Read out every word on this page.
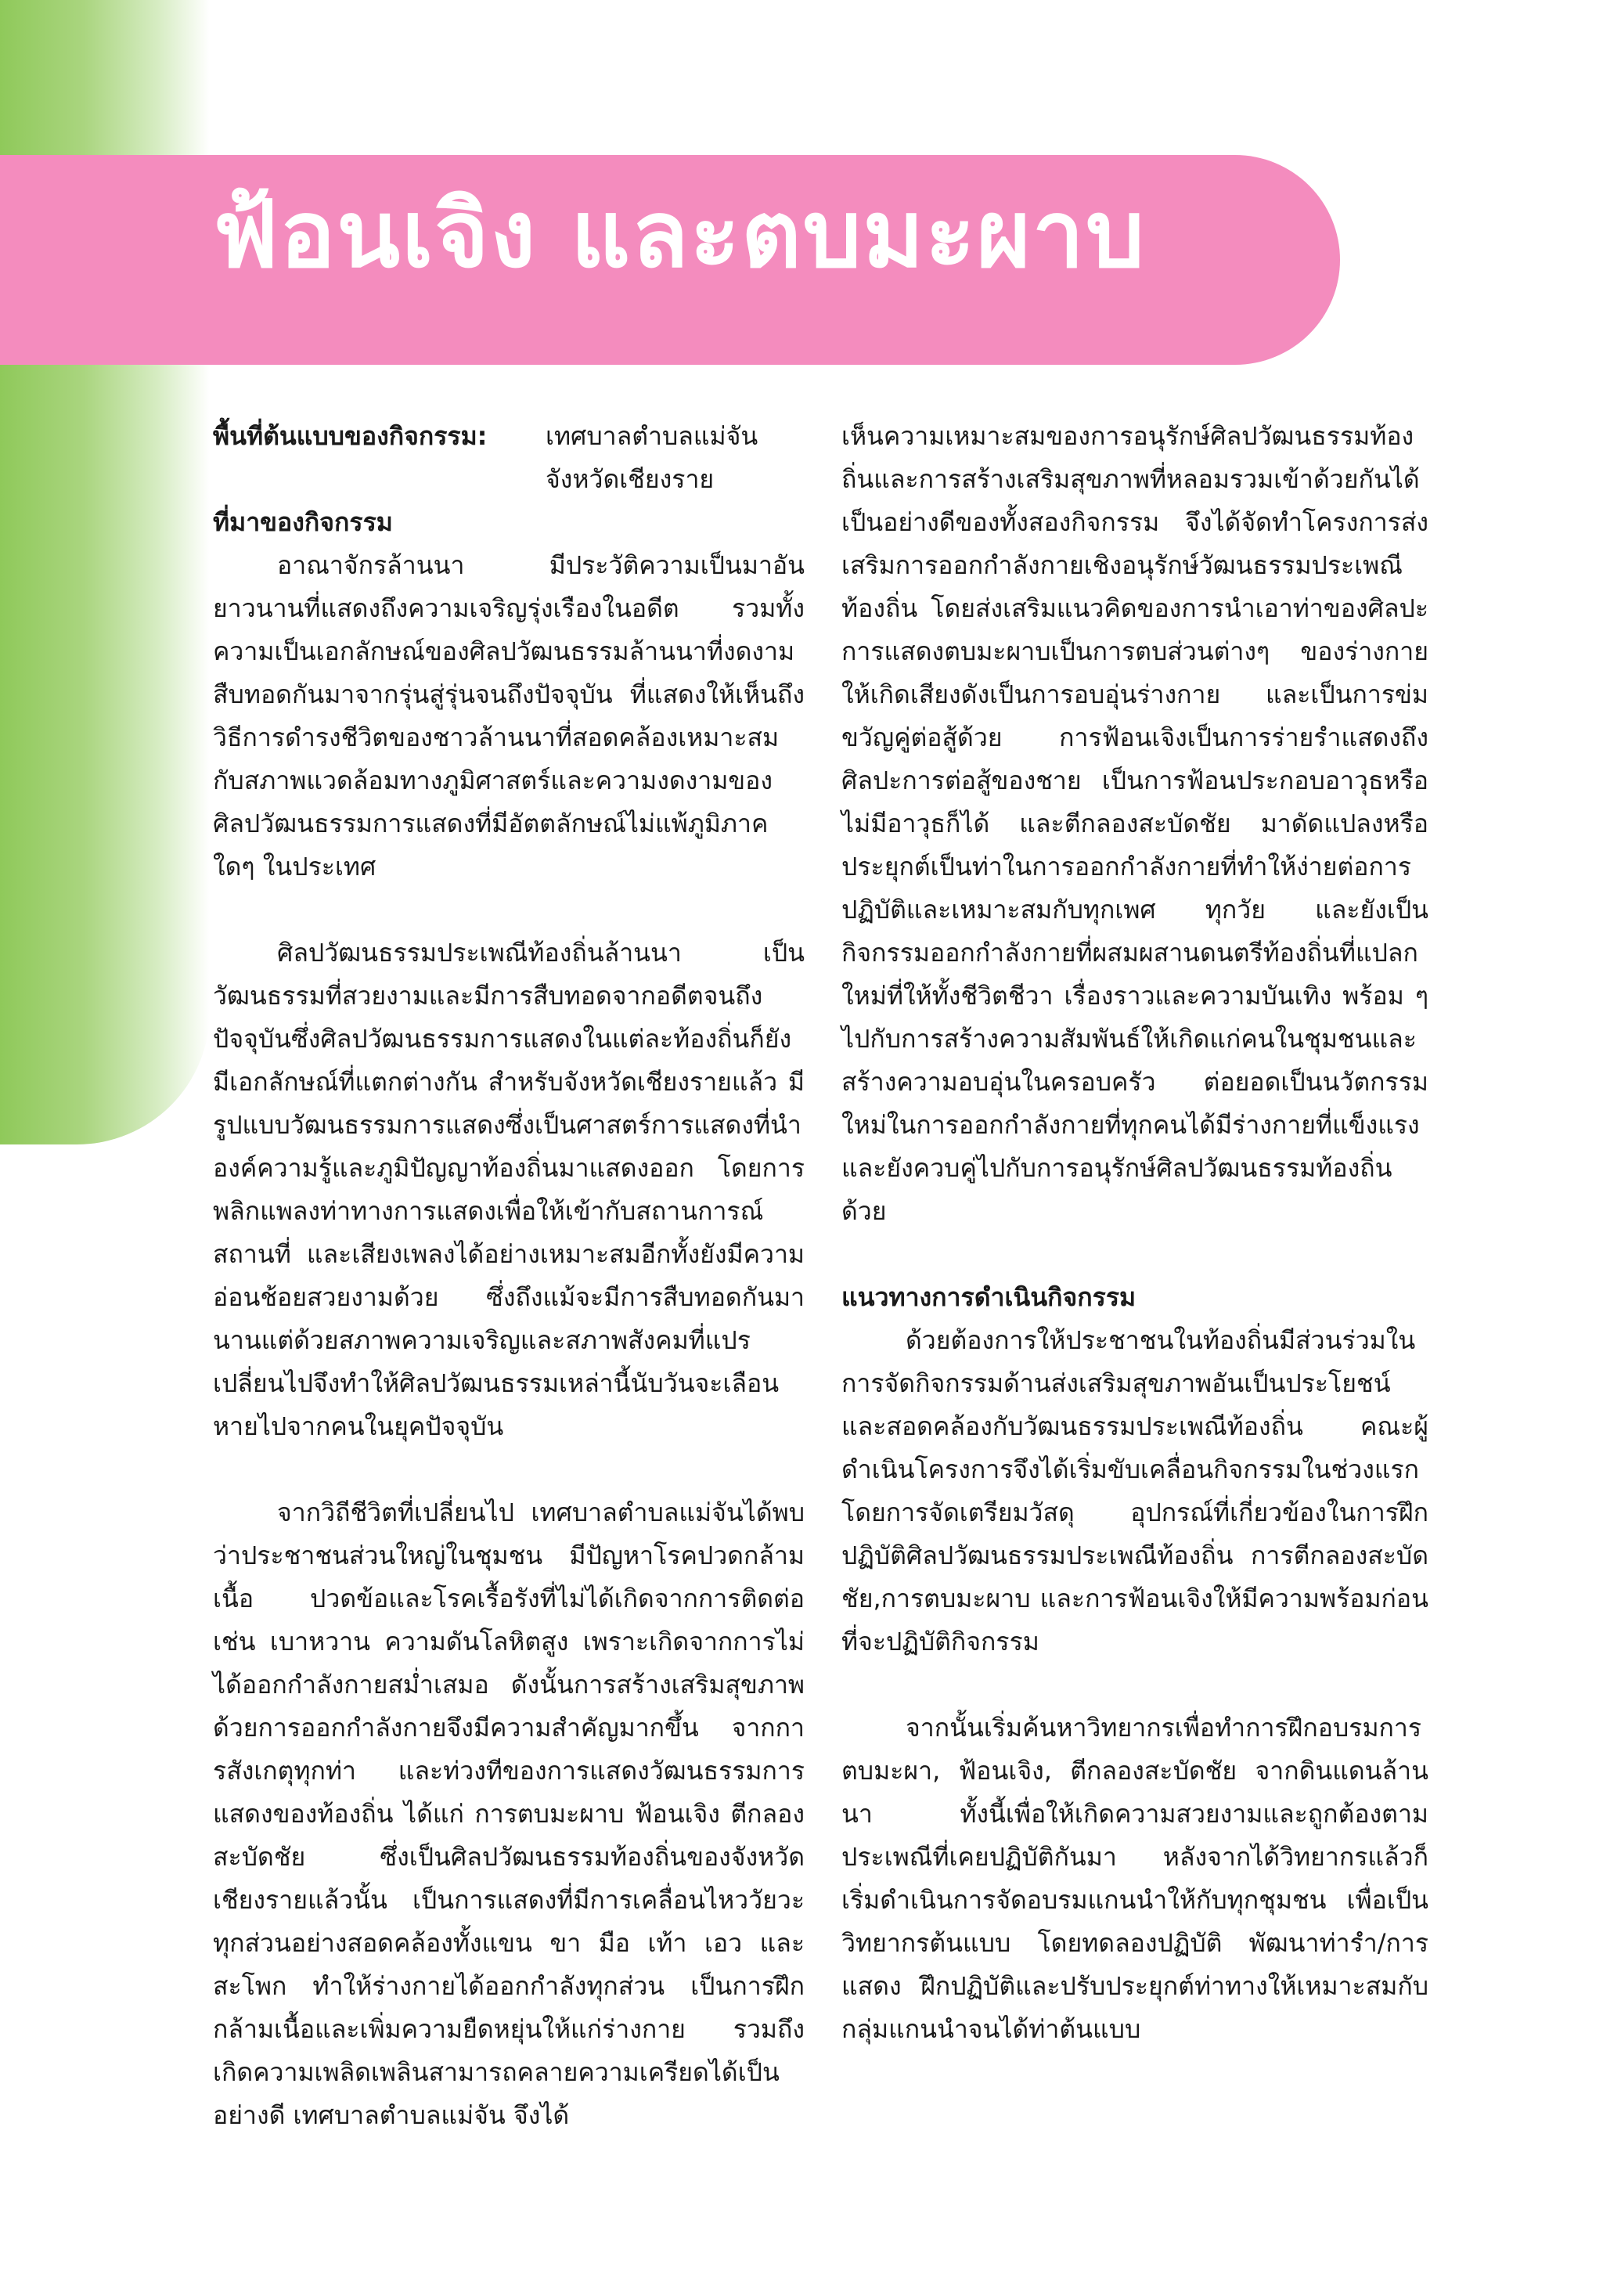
ฟ้อนเจิง และตบมะผาบ
พื้นที่ต้นแบบของกิจกรรม:	เทศบาลตำบลแม่จัน
จังหวัดเชียงราย

ที่มาของกิจกรรม

อาณาจักรล้านนา มีประวัติความเป็นมาอันยาวนานที่แสดงถึงความเจริญรุ่งเรืองในอดีต รวมทั้งความเป็นเอกลักษณ์ของศิลปวัฒนธรรมล้านนาที่งดงามสืบทอดกันมาจากรุ่นสู่รุ่นจนถึงปัจจุบัน ที่แสดงให้เห็นถึงวิธีการดำรงชีวิตของชาวล้านนาที่สอดคล้องเหมาะสมกับสภาพแวดล้อมทางภูมิศาสตร์และความงดงามของศิลปวัฒนธรรมการแสดงที่มีอัตตลักษณ์ไม่แพ้ภูมิภาคใดๆ ในประเทศ

ศิลปวัฒนธรรมประเพณีท้องถิ่นล้านนา เป็นวัฒนธรรมที่สวยงามและมีการสืบทอดจากอดีตจนถึงปัจจุบันซึ่งศิลปวัฒนธรรมการแสดงในแต่ละท้องถิ่นก็ยังมีเอกลักษณ์ที่แตกต่างกัน สำหรับจังหวัดเชียงรายแล้ว มีรูปแบบวัฒนธรรมการแสดงซึ่งเป็นศาสตร์การแสดงที่นำองค์ความรู้และภูมิปัญญาท้องถิ่นมาแสดงออก โดยการพลิกแพลงท่าทางการแสดงเพื่อให้เข้ากับสถานการณ์ สถานที่ และเสียงเพลงได้อย่างเหมาะสมอีกทั้งยังมีความอ่อนช้อยสวยงามด้วย ซึ่งถึงแม้จะมีการสืบทอดกันมานานแต่ด้วยสภาพความเจริญและสภาพสังคมที่แปรเปลี่ยนไปจึงทำให้ศิลปวัฒนธรรมเหล่านี้นับวันจะเลือนหายไปจากคนในยุคปัจจุบัน

จากวิถีชีวิตที่เปลี่ยนไป เทศบาลตำบลแม่จันได้พบว่าประชาชนส่วนใหญ่ในชุมชน มีปัญหาโรคปวดกล้ามเนื้อ ปวดข้อและโรคเรื้อรังที่ไม่ได้เกิดจากการติดต่อ เช่น เบาหวาน ความดันโลหิตสูง เพราะเกิดจากการไม่ได้ออกกำลังกายสม่ำเสมอ ดังนั้นการสร้างเสริมสุขภาพด้วยการออกกำลังกายจึงมีความสำคัญมากขึ้น จากการสังเกตุทุกท่า และท่วงทีของการแสดงวัฒนธรรมการแสดงของท้องถิ่น ได้แก่ การตบมะผาบ ฟ้อนเจิง ตีกลองสะบัดชัย ซึ่งเป็นศิลปวัฒนธรรมท้องถิ่นของจังหวัดเชียงรายแล้วนั้น เป็นการแสดงที่มีการเคลื่อนไหววัยวะทุกส่วนอย่างสอดคล้องทั้งแขน ขา มือ เท้า เอว และสะโพก ทำให้ร่างกายได้ออกกำลังทุกส่วน เป็นการฝึกกล้ามเนื้อและเพิ่มความยืดหยุ่นให้แก่ร่างกาย รวมถึงเกิดความเพลิดเพลินสามารถคลายความเครียดได้เป็นอย่างดี เทศบาลตำบลแม่จัน จึงได้

เห็นความเหมาะสมของการอนุรักษ์ศิลปวัฒนธรรมท้องถิ่นและการสร้างเสริมสุขภาพที่หลอมรวมเข้าด้วยกันได้เป็นอย่างดีของทั้งสองกิจกรรม จึงได้จัดทำโครงการส่งเสริมการออกกำลังกายเชิงอนุรักษ์วัฒนธรรมประเพณีท้องถิ่น โดยส่งเสริมแนวคิดของการนำเอาท่าของศิลปะการแสดงตบมะผาบเป็นการตบส่วนต่างๆ ของร่างกายให้เกิดเสียงดังเป็นการอบอุ่นร่างกาย และเป็นการข่มขวัญคู่ต่อสู้ด้วย การฟ้อนเจิงเป็นการร่ายรำแสดงถึงศิลปะการต่อสู้ของชาย เป็นการฟ้อนประกอบอาวุธหรือไม่มีอาวุธก็ได้ และตีกลองสะบัดชัย มาดัดแปลงหรือประยุกต์เป็นท่าในการออกกำลังกายที่ทำให้ง่ายต่อการปฏิบัติและเหมาะสมกับทุกเพศ ทุกวัย และยังเป็นกิจกรรมออกกำลังกายที่ผสมผสานดนตรีท้องถิ่นที่แปลกใหม่ที่ให้ทั้งชีวิตชีวา เรื่องราวและความบันเทิง พร้อม ๆ ไปกับการสร้างความสัมพันธ์ให้เกิดแก่คนในชุมชนและสร้างความอบอุ่นในครอบครัว ต่อยอดเป็นนวัตกรรมใหม่ในการออกกำลังกายที่ทุกคนได้มีร่างกายที่แข็งแรง และยังควบคู่ไปกับการอนุรักษ์ศิลปวัฒนธรรมท้องถิ่นด้วย

แนวทางการดำเนินกิจกรรม

ด้วยต้องการให้ประชาชนในท้องถิ่นมีส่วนร่วมในการจัดกิจกรรมด้านส่งเสริมสุขภาพอันเป็นประโยชน์และสอดคล้องกับวัฒนธรรมประเพณีท้องถิ่น คณะผู้ดำเนินโครงการจึงได้เริ่มขับเคลื่อนกิจกรรมในช่วงแรกโดยการจัดเตรียมวัสดุ อุปกรณ์ที่เกี่ยวข้องในการฝึกปฏิบัติศิลปวัฒนธรรมประเพณีท้องถิ่น การตีกลองสะบัดชัย,การตบมะผาบ และการฟ้อนเจิงให้มีความพร้อมก่อนที่จะปฏิบัติกิจกรรม

จากนั้นเริ่มค้นหาวิทยากรเพื่อทำการฝึกอบรมการตบมะผา, ฟ้อนเจิง, ตีกลองสะบัดชัย จากดินแดนล้านนา ทั้งนี้เพื่อให้เกิดความสวยงามและถูกต้องตามประเพณีที่เคยปฏิบัติกันมา หลังจากได้วิทยากรแล้วก็เริ่มดำเนินการจัดอบรมแกนนำให้กับทุกชุมชน เพื่อเป็นวิทยากรต้นแบบ โดยทดลองปฏิบัติ พัฒนาท่ารำ/การแสดง ฝึกปฏิบัติและปรับประยุกต์ท่าทางให้เหมาะสมกับกลุ่มแกนนำจนได้ท่าต้นแบบ
